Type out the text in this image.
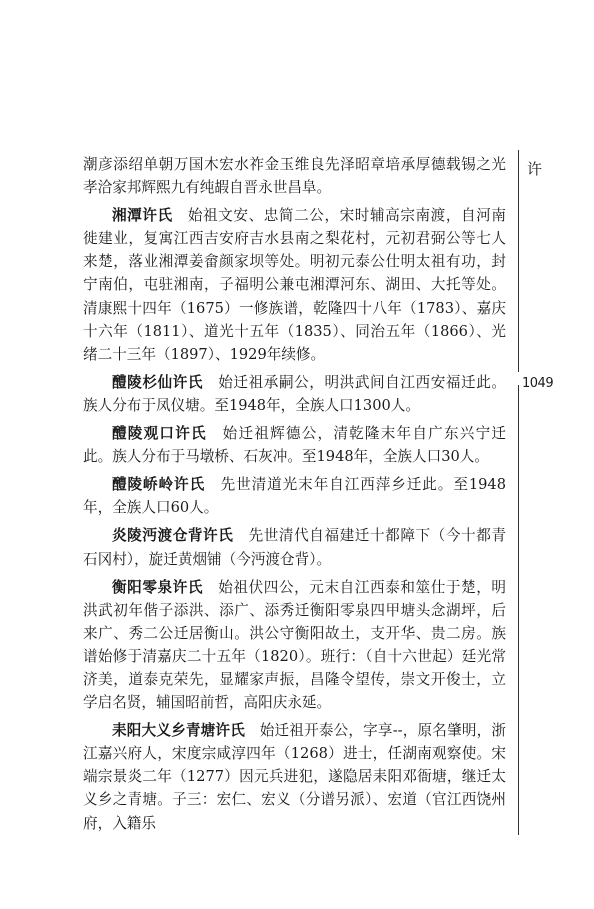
许
1049

潮彦添绍单朝万国木宏水祚金玉维良先泽昭章培承厚德载锡之光孝洽家邦辉熙九有纯嘏自晋永世昌阜。

湘潭许氏　始祖文安、忠简二公，宋时辅高宗南渡，自河南徙建业，复寓江西吉安府吉水县南之梨花村，元初君弼公等七人来楚，落业湘潭姜畲颜家坝等处。明初元泰公仕明太祖有功，封宁南伯，屯驻湘南，子福明公兼屯湘潭河东、湖田、大托等处。清康熙十四年（1675）一修族谱，乾隆四十八年（1783）、嘉庆十六年（1811）、道光十五年（1835）、同治五年（1866）、光绪二十三年（1897）、1929年续修。

醴陵杉仙许氏　始迁祖承嗣公，明洪武间自江西安福迁此。族人分布于凤仪塘。至1948年，全族人口1300人。

醴陵观口许氏　始迁祖辉德公，清乾隆末年自广东兴宁迁此。族人分布于马墩桥、石灰冲。至1948年，全族人口30人。

醴陵峤岭许氏　先世清道光末年自江西萍乡迁此。至1948年，全族人口60人。

炎陵沔渡仓背许氏　先世清代自福建迁十都障下（今十都青石冈村），旋迁黄烟铺（今沔渡仓背）。

衡阳零泉许氏　始祖伏四公，元末自江西泰和筮仕于楚，明洪武初年偕子添洪、添广、添秀迁衡阳零泉四甲塘头念湖坪，后来广、秀二公迁居衡山。洪公守衡阳故土，支开华、贵二房。族谱始修于清嘉庆二十五年（1820）。班行：（自十六世起）廷光常济美，道泰克荣先，显耀家声振，昌隆令望传，崇文开俊士，立学启名贤，辅国昭前哲，高阳庆永延。

耒阳大义乡青塘许氏　始迁祖开泰公，字享--，原名肇明，浙江嘉兴府人，宋度宗咸淳四年（1268）进士，任湖南观察使。宋端宗景炎二年（1277）因元兵进犯，遂隐居耒阳邓衙塘，继迁太义乡之青塘。子三：宏仁、宏义（分谱另派）、宏道（官江西饶州府，入籍乐
